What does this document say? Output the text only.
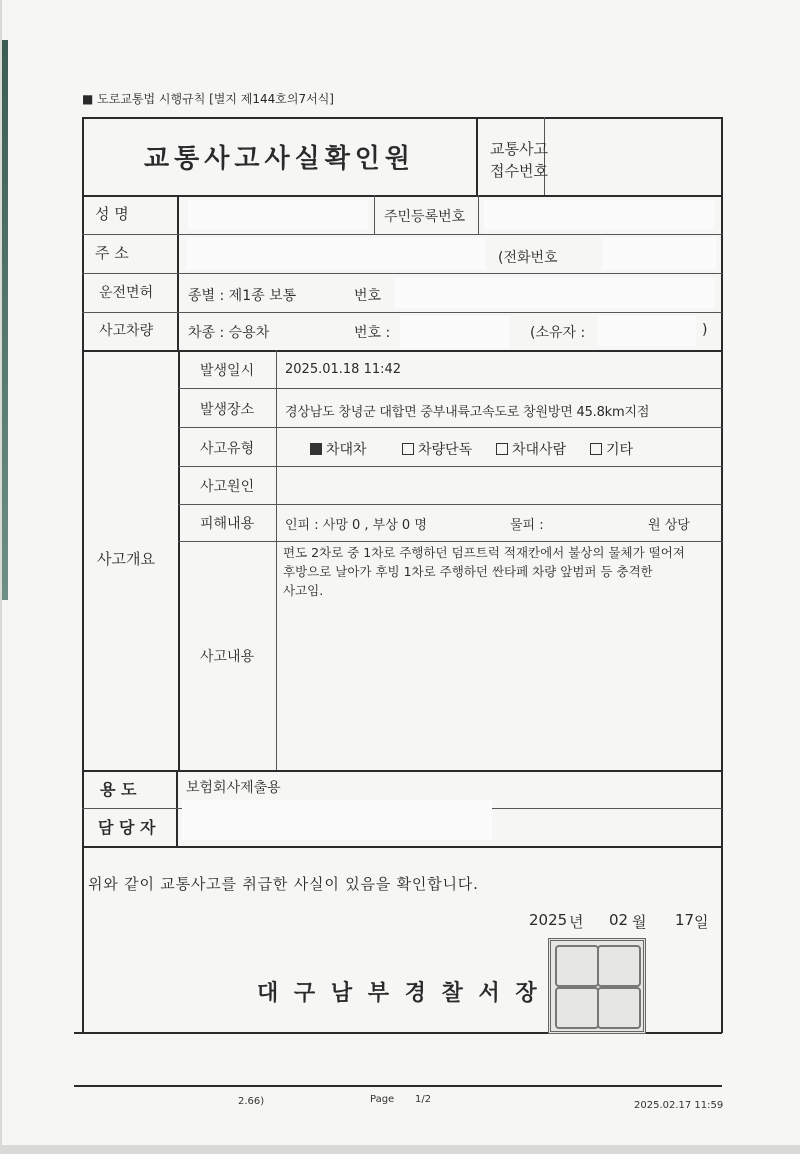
■ 도로교통법 시행규칙 [별지 제144호의7서식]
교통사고사실확인원	교통사고
접수번호
성 명	주민등록번호
주 소	(전화번호
운전면허 종별 : 제1종 보통	번호
사고차량 차종 : 승용차	번호 :	(소유자 :	)
사고개요
발생일시 2025.01.18 11:42
발생장소 경상남도 창녕군 대합면 중부내륙고속도로 창원방면 45.8km지점
사고유형	차대차	차량단독	차대사람	기타
사고원인
피해내용 인피 : 사망 0 , 부상 0 명	물피 :	원 상당
사고내용
편도 2차로 중 1차로 주행하던 덤프트럭 적재칸에서 불상의 물체가 떨어져
후방으로 날아가 후빙 1차로 주행하던 싼타페 차량 앞범퍼 등 충격한
사고임.
용 도	보험회사제출용
담 당 자
위와 같이 교통사고를 취급한 사실이 있음을 확인합니다.
2025 년 02 월 17 일
대 구 남 부 경 찰 서 장
2.66)	Page 1/2
2025.02.17 11:59
